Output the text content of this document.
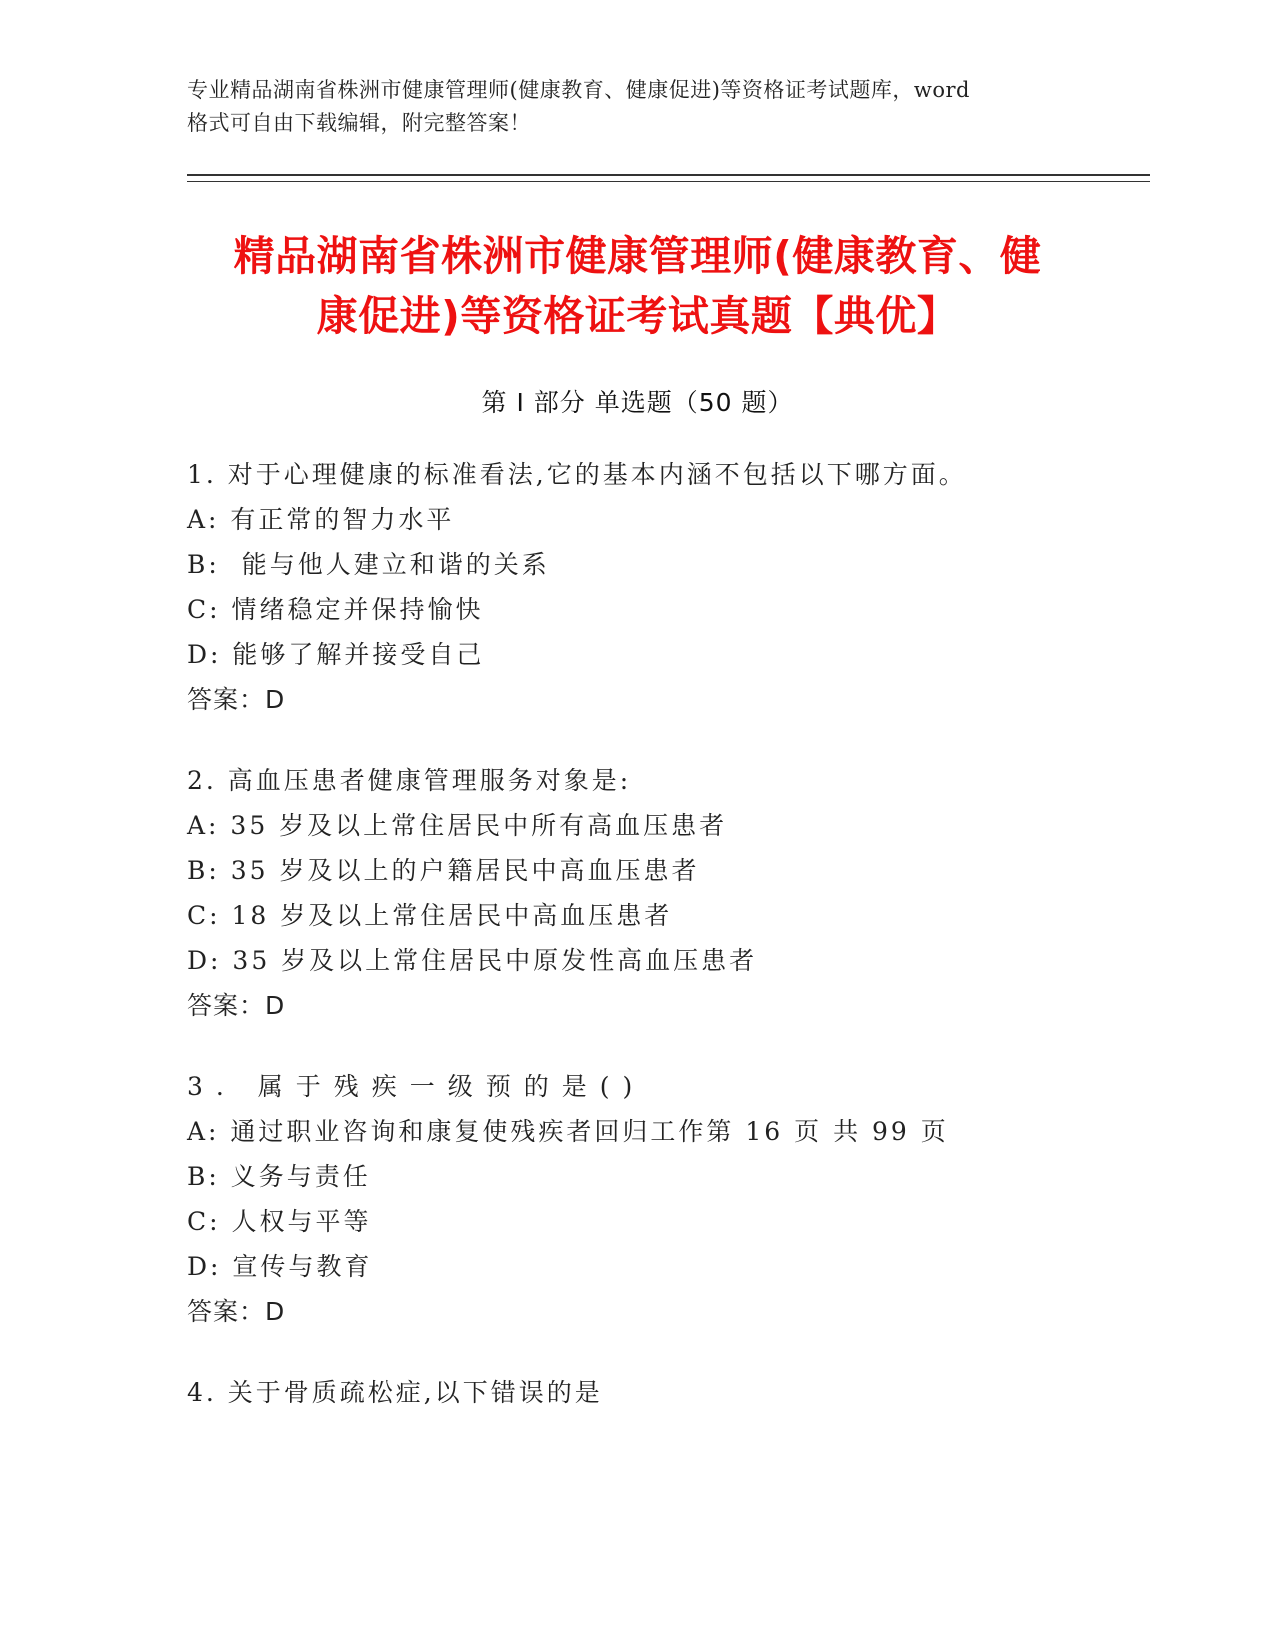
专业精品湖南省株洲市健康管理师(健康教育、健康促进)等资格证考试题库，word
格式可自由下载编辑，附完整答案！
精品湖南省株洲市健康管理师(健康教育、健
康促进)等资格证考试真题【典优】
第 I 部分 单选题（50 题）
1. 对于心理健康的标准看法,它的基本内涵不包括以下哪方面。
A: 有正常的智力水平
B:  能与他人建立和谐的关系
C: 情绪稳定并保持愉快
D: 能够了解并接受自己
答案：D
2. 高血压患者健康管理服务对象是:
A: 35 岁及以上常住居民中所有高血压患者
B: 35 岁及以上的户籍居民中高血压患者
C: 18 岁及以上常住居民中高血压患者
D: 35 岁及以上常住居民中原发性高血压患者
答案：D
3. 属于残疾一级预的是()
A: 通过职业咨询和康复使残疾者回归工作第 16 页 共 99 页
B: 义务与责任
C: 人权与平等
D: 宣传与教育
答案：D
4. 关于骨质疏松症,以下错误的是
